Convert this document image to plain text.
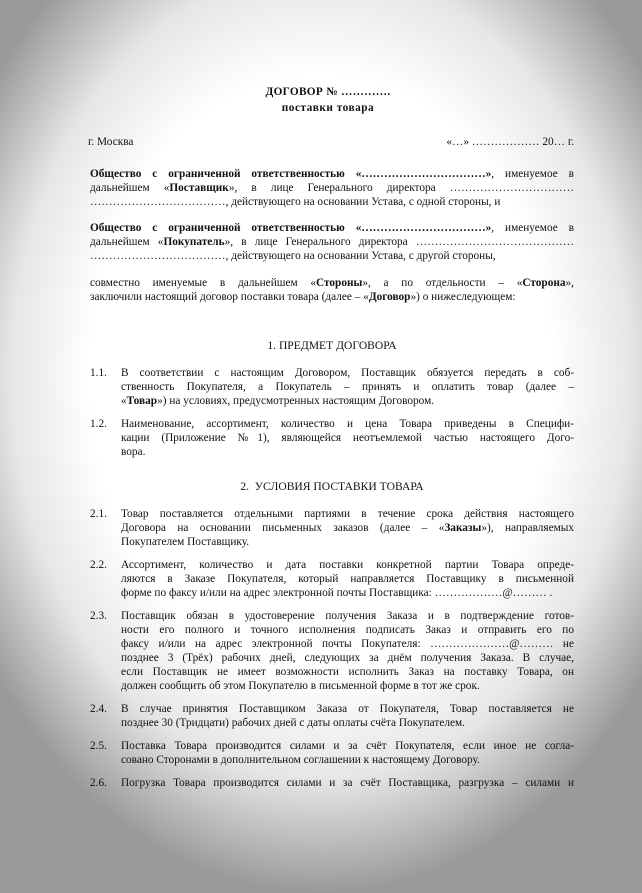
ДОГОВОР № ………….
поставки товара
г. Москва	«…» ……………… 20… г.
Общество с ограниченной ответственностью «……………………………», именуемое в
дальнейшем «Поставщик», в лице Генерального директора ……………………………
………………………………, действующего на основании Устава, с одной стороны, и
Общество с ограниченной ответственностью «……………………………», именуемое в
дальнейшем «Покупатель», в лице Генерального директора ……………………………………
………………………………, действующего на основании Устава, с другой стороны,
совместно именуемые в дальнейшем «Стороны», а по отдельности – «Сторона»,
заключили настоящий договор поставки товара (далее – «Договор») о нижеследующем:
1. ПРЕДМЕТ ДОГОВОРА
1.1. В соответствии с настоящим Договором, Поставщик обязуется передать в соб-
ственность Покупателя, а Покупатель – принять и оплатить товар (далее –
«Товар») на условиях, предусмотренных настоящим Договором.
1.2. Наименование, ассортимент, количество и цена Товара приведены в Специфи-
кации (Приложение №1), являющейся неотъемлемой частью настоящего Дого-
вора.
2.  УСЛОВИЯ ПОСТАВКИ ТОВАРА
2.1. Товар поставляется отдельными партиями в течение срока действия настоящего
Договора на основании письменных заказов (далее – «Заказы»), направляемых
Покупателем Поставщику.
2.2. Ассортимент, количество и дата поставки конкретной партии Товара опреде-
ляются в Заказе Покупателя, который направляется Поставщику в письменной
форме по факсу и/или на адрес электронной почты Поставщика: ………………@……… .
2.3. Поставщик обязан в удостоверение получения Заказа и в подтверждение готов-
ности его полного и точного исполнения подписать Заказ и отправить его по
факсу и/или на адрес электронной почты Покупателя: …………………@……… не
позднее 3 (Трёх) рабочих дней, следующих за днём получения Заказа. В случае,
если Поставщик не имеет возможности исполнить Заказ на поставку Товара, он
должен сообщить об этом Покупателю в письменной форме в тот же срок.
2.4. В случае принятия Поставщиком Заказа от Покупателя, Товар поставляется не
позднее 30 (Тридцати) рабочих дней с даты оплаты счёта Покупателем.
2.5. Поставка Товара производится силами и за счёт Покупателя, если иное не согла-
совано Сторонами в дополнительном соглашении к настоящему Договору.
2.6. Погрузка Товара производится силами и за счёт Поставщика, разгрузка – силами и
